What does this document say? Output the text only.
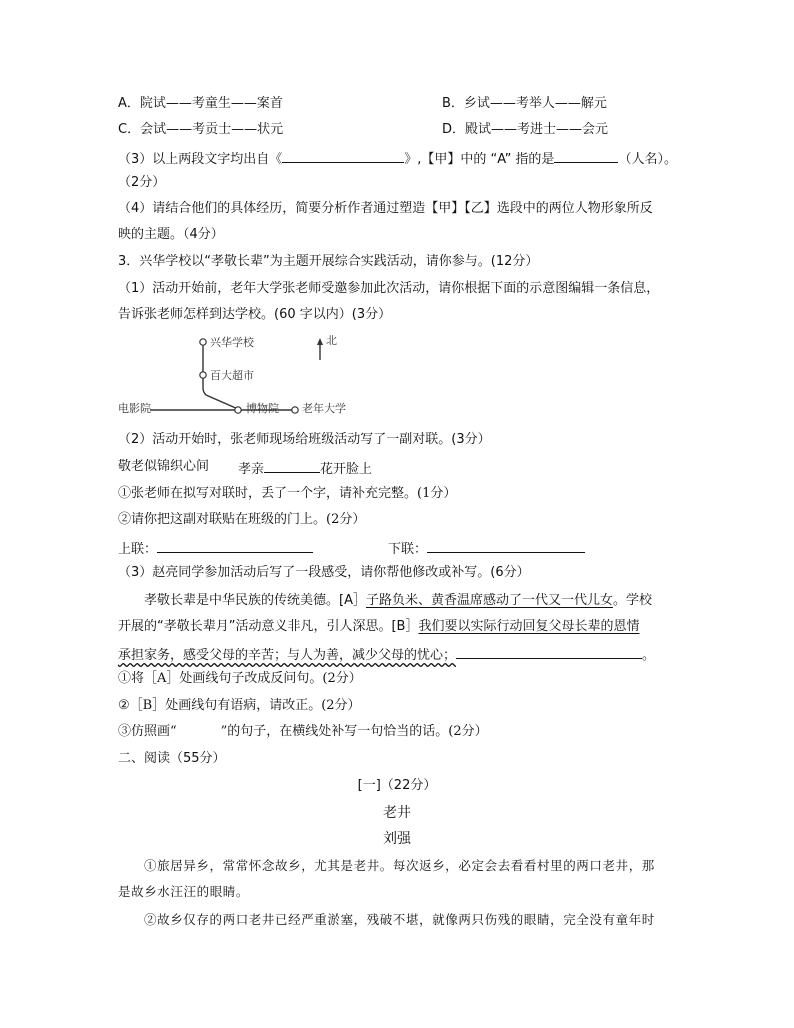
A．院试——考童生——案首	B．乡试——考举人——解元
C．会试——考贡士——状元	D．殿试——考进士——会元
（3）以上两段文字均出自《	》,【甲】中的 “A” 指的是	（人名）。
（2分）
（4）请结合他们的具体经历，简要分析作者通过塑造【甲】【乙】选段中的两位人物形象所反
映的主题。（4分）
3．兴华学校以“孝敬长辈”为主题开展综合实践活动，请你参与。(12分）
（1）活动开始前，老年大学张老师受邀参加此次活动，请你根据下面的示意图编辑一条信息，
告诉张老师怎样到达学校。(60 字以内）(3分）
兴华学校	北
百大超市
电影院	博物院 老年大学
（2）活动开始时，张老师现场给班级活动写了一副对联。(3分）
敬老似锦织心间 孝亲	花开脸上
①张老师在拟写对联时，丢了一个字，请补充完整。(1分）
②请你把这副对联贴在班级的门上。(2分）
上联：	下联：
（3）赵亮同学参加活动后写了一段感受，请你帮他修改或补写。(6分）
孝敬长辈是中华民族的传统美德。[A］子路负米、黄香温席感动了一代又一代儿女。学校
开展的“孝敬长辈月”活动意义非凡，引人深思。[B］我们要以实际行动回复父母长辈的恩情
承担家务，感受父母的辛苦；与人为善，减少父母的忧心；	。
①将［A］处画线句子改成反问句。(2分）
②［B］处画线句有语病，请改正。(2分）
③仿照画“	”的句子，在横线处补写一句恰当的话。(2分）
二、阅读（55分）
[一]（22分）
老井
刘强
①旅居异乡，常常怀念故乡，尤其是老井。每次返乡，必定会去看看村里的两口老井，那
是故乡水汪汪的眼睛。
②故乡仅存的两口老井已经严重淤塞，残破不堪，就像两只伤残的眼睛，完全没有童年时
